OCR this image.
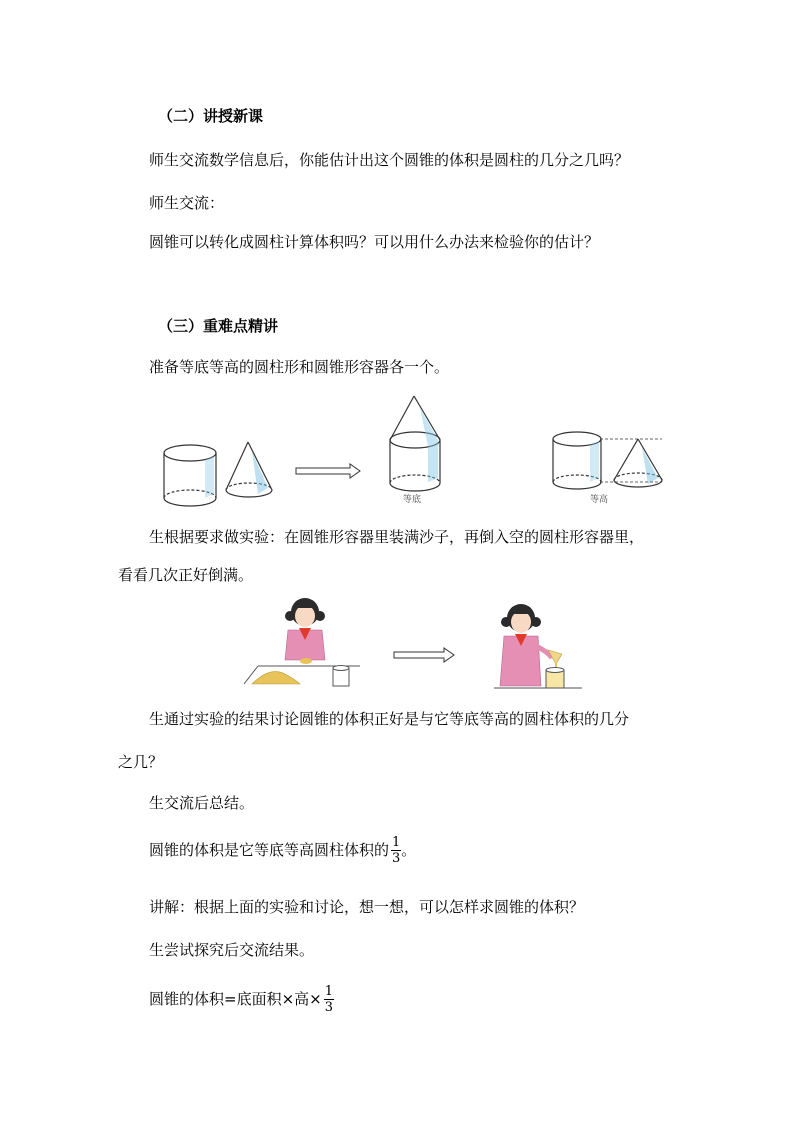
（二）讲授新课
师生交流数学信息后，你能估计出这个圆锥的体积是圆柱的几分之几吗？
师生交流：
圆锥可以转化成圆柱计算体积吗？可以用什么办法来检验你的估计？
（三）重难点精讲
准备等底等高的圆柱形和圆锥形容器各一个。
等底	等高
生根据要求做实验：在圆锥形容器里装满沙子，再倒入空的圆柱形容器里，
看看几次正好倒满。
生通过实验的结果讨论圆锥的体积正好是与它等底等高的圆柱体积的几分
之几？
生交流后总结。
圆锥的体积是它等底等高圆柱体积的 $\frac{1}{3}$ 。
讲解：根据上面的实验和讨论，想一想，可以怎样求圆锥的体积？
生尝试探究后交流结果。
圆锥的体积=底面积×高× $\frac{1}{3}$
